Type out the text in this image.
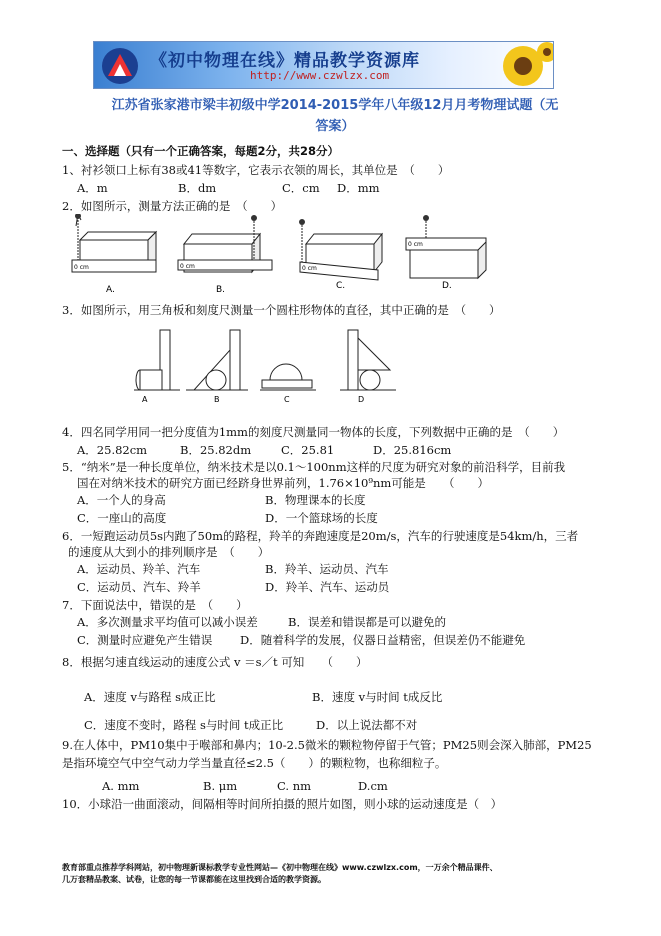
《初中物理在线》精品教学资源库
http://www.czwlzx.com
江苏省张家港市梁丰初级中学2014-2015学年八年级12月月考物理试题（无
答案）
一、选择题（只有一个正确答案，每题2分，共28分）
1、衬衫领口上标有38或41等数字，它表示衣领的周长，其单位是　（　　）
A．m	B．dm	C．cm D．mm
2．如图所示，测量方法正确的是　（　　）
0 cm	0 cm	0 cm
0 cm
A.	B.	C.	D.
3．如图所示，用三角板和刻度尺测量一个圆柱形物体的直径，其中正确的是　（　　）
A	B	C	D
4．四名同学用同一把分度值为1mm的刻度尺测量同一物体的长度，下列数据中正确的是　（　　）
A．25.82cm	B．25.82dm	C．25.81	D．25.816cm
5．“纳米”是一种长度单位，纳米技术是以0.1～100nm这样的尺度为研究对象的前沿科学，目前我
国在对纳米技术的研究方面已经跻身世界前列，1.76×10⁹nm可能是　　（　　）
A．一个人的身高	B．物理课本的长度
C．一座山的高度	D．一个篮球场的长度
6．一短跑运动员5s内跑了50m的路程，羚羊的奔跑速度是20m/s，汽车的行驶速度是54km/h，三者
的速度从大到小的排列顺序是　（　　）
A．运动员、羚羊、汽车	B．羚羊、运动员、汽车
C．运动员、汽车、羚羊	D．羚羊、汽车、运动员
7．下面说法中，错误的是　（　　）
A．多次测量求平均值可以减小误差	B．误差和错误都是可以避免的
C．测量时应避免产生错误 D．随着科学的发展，仪器日益精密，但误差仍不能避免
8．根据匀速直线运动的速度公式 v ＝s／t 可知　　（　　）
A．速度 v与路程 s成正比	B．速度 v与时间 t成反比
C．速度不变时，路程 s与时间 t成正比	D．以上说法都不对
9.在人体中，PM10集中于喉部和鼻内；10-2.5微米的颗粒物停留于气管；PM25则会深入肺部，PM25
是指环境空气中空气动力学当量直径≤2.5（　　）的颗粒物，也称细粒子。
A. mm	B. μm	C. nm	D.cm
10．小球沿一曲面滚动，间隔相等时间所拍摄的照片如图，则小球的运动速度是（　）
教育部重点推荐学科网站，初中物理新课标教学专业性网站—《初中物理在线》www.czwlzx.com，一万余个精品课件、
几万套精品教案、试卷，让您的每一节课都能在这里找到合适的教学资源。
